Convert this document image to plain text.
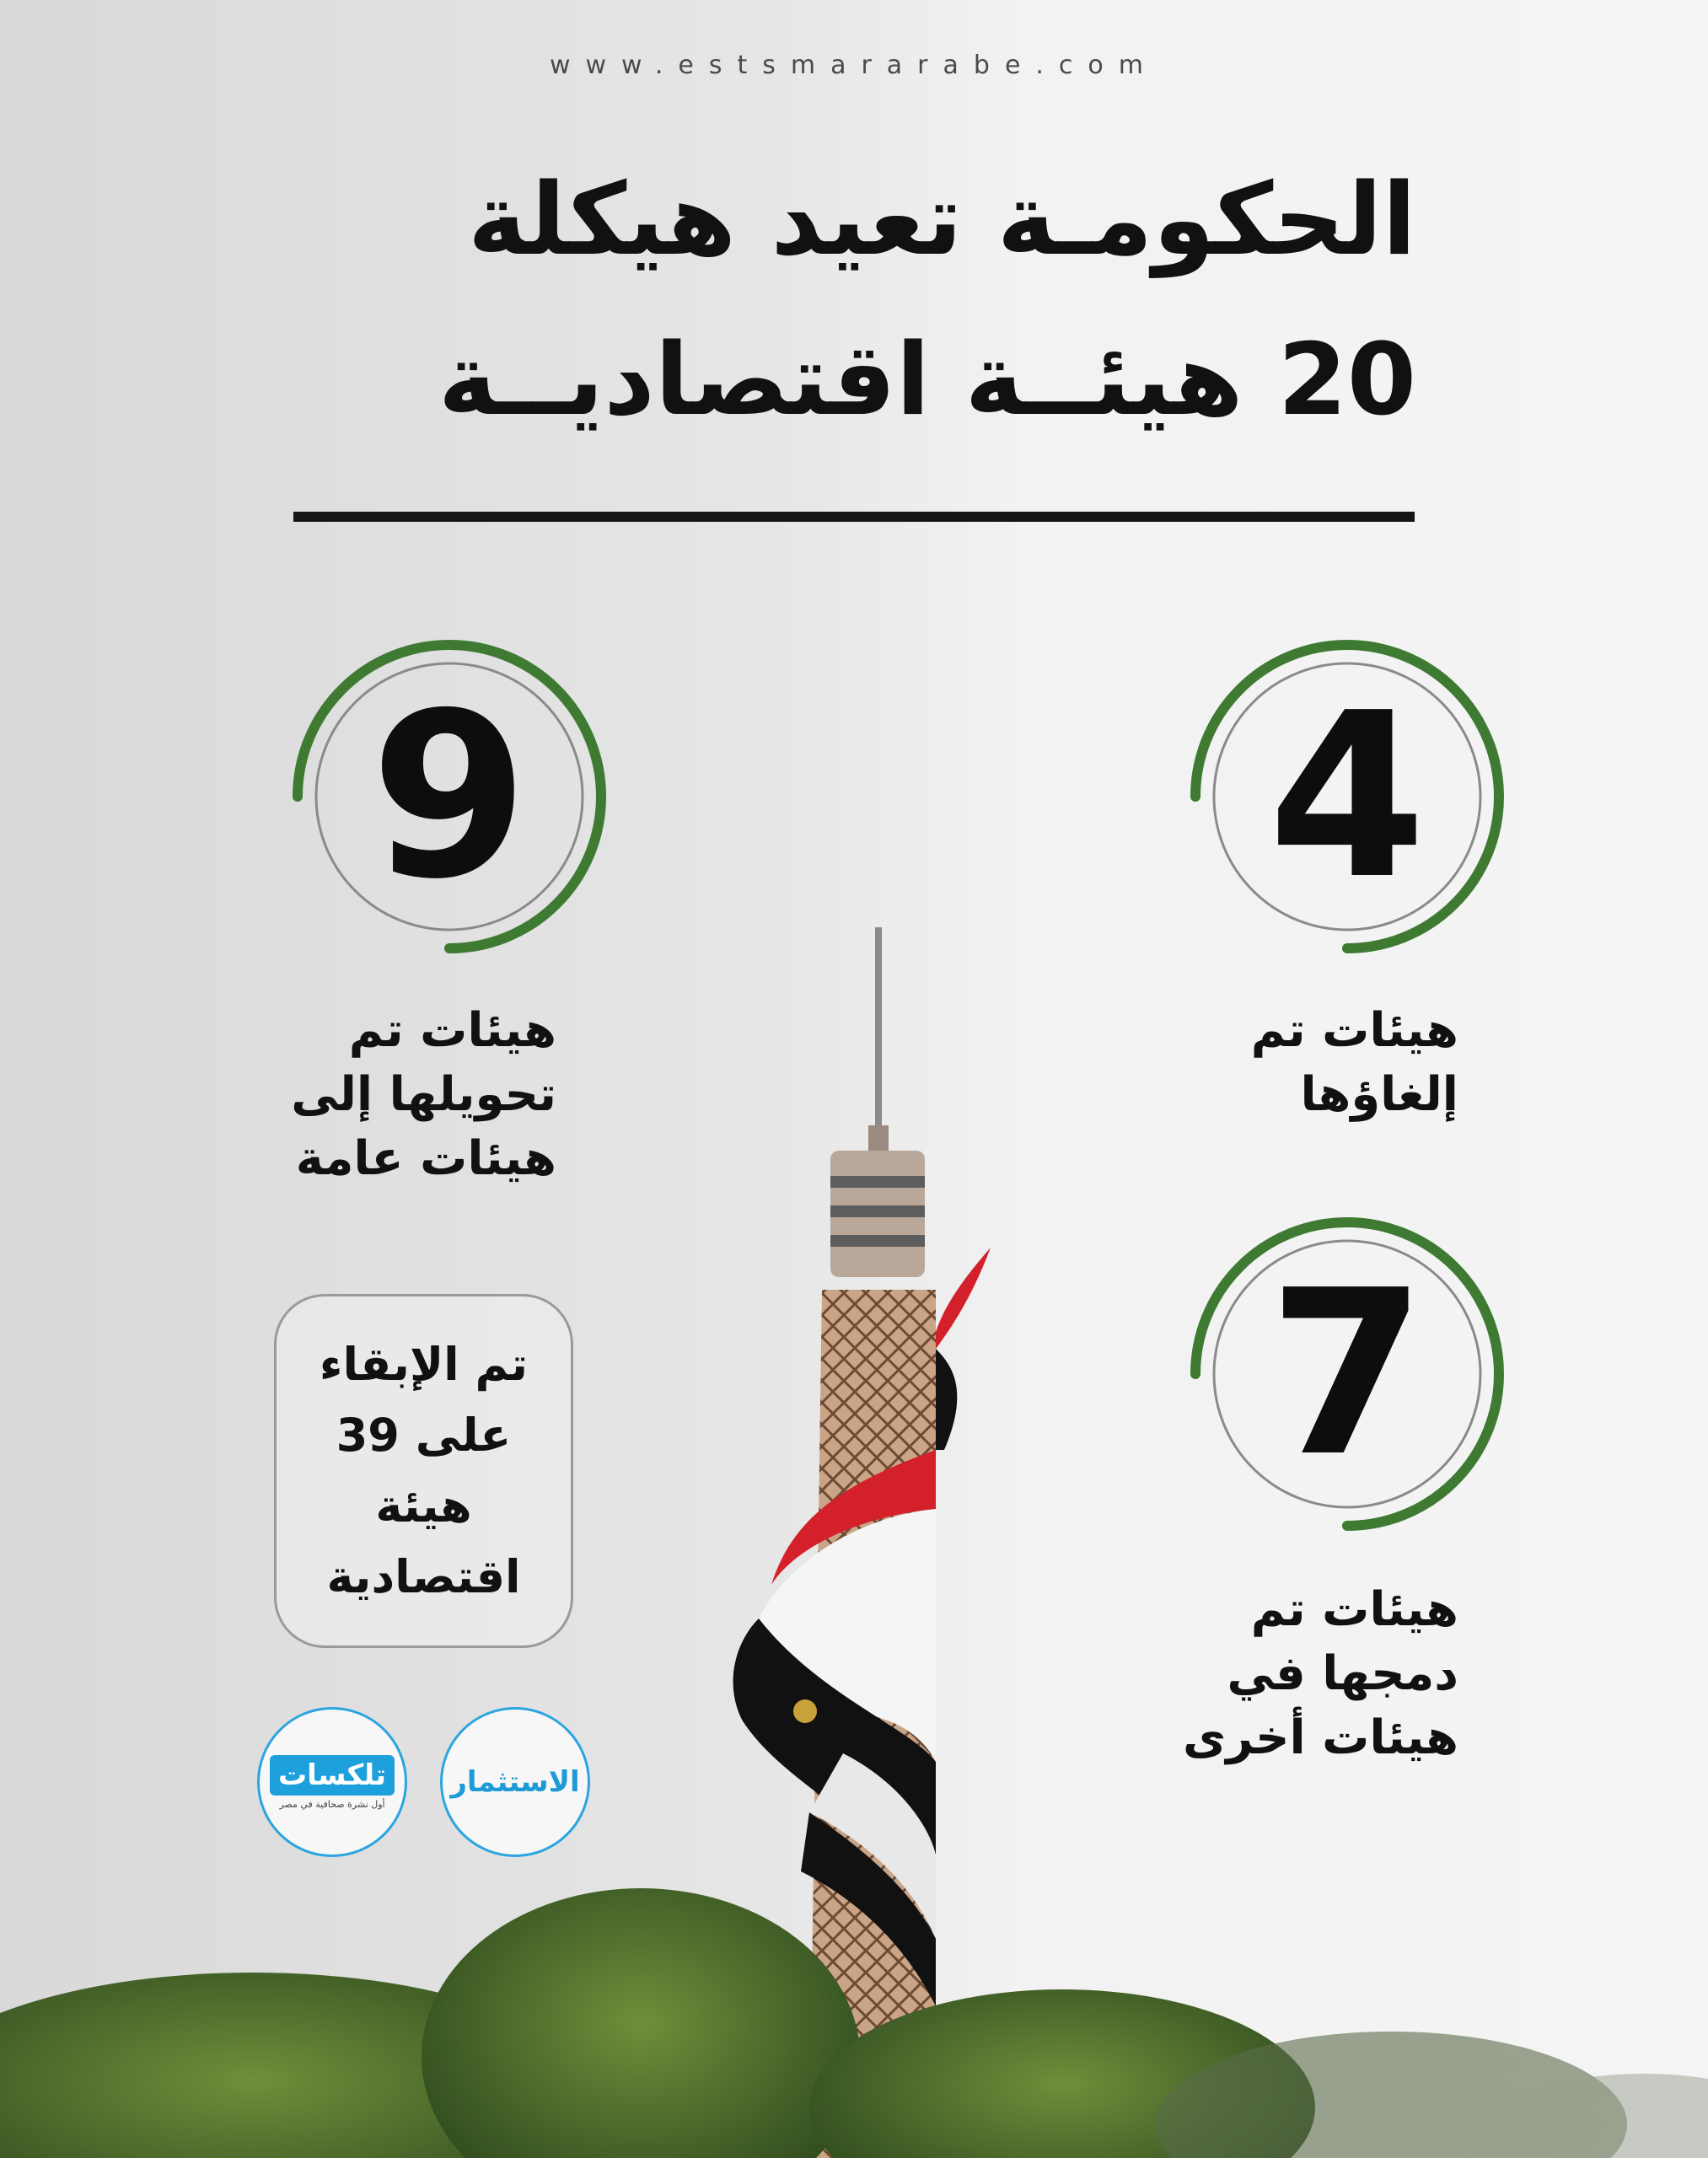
www.estsmararabe.com
الحكومـة تعيد هيكلة
20 هيئــة اقتصاديــة
9
هيئات تم
تحويلها إلى
هيئات عامة
4
هيئات تم
إلغاؤها
7
هيئات تم
دمجها في
هيئات أخرى
تم الإبقاء
على 39
هيئة
اقتصادية
تلكسات
أول نشرة صحافية في مصر
الاستثمار
